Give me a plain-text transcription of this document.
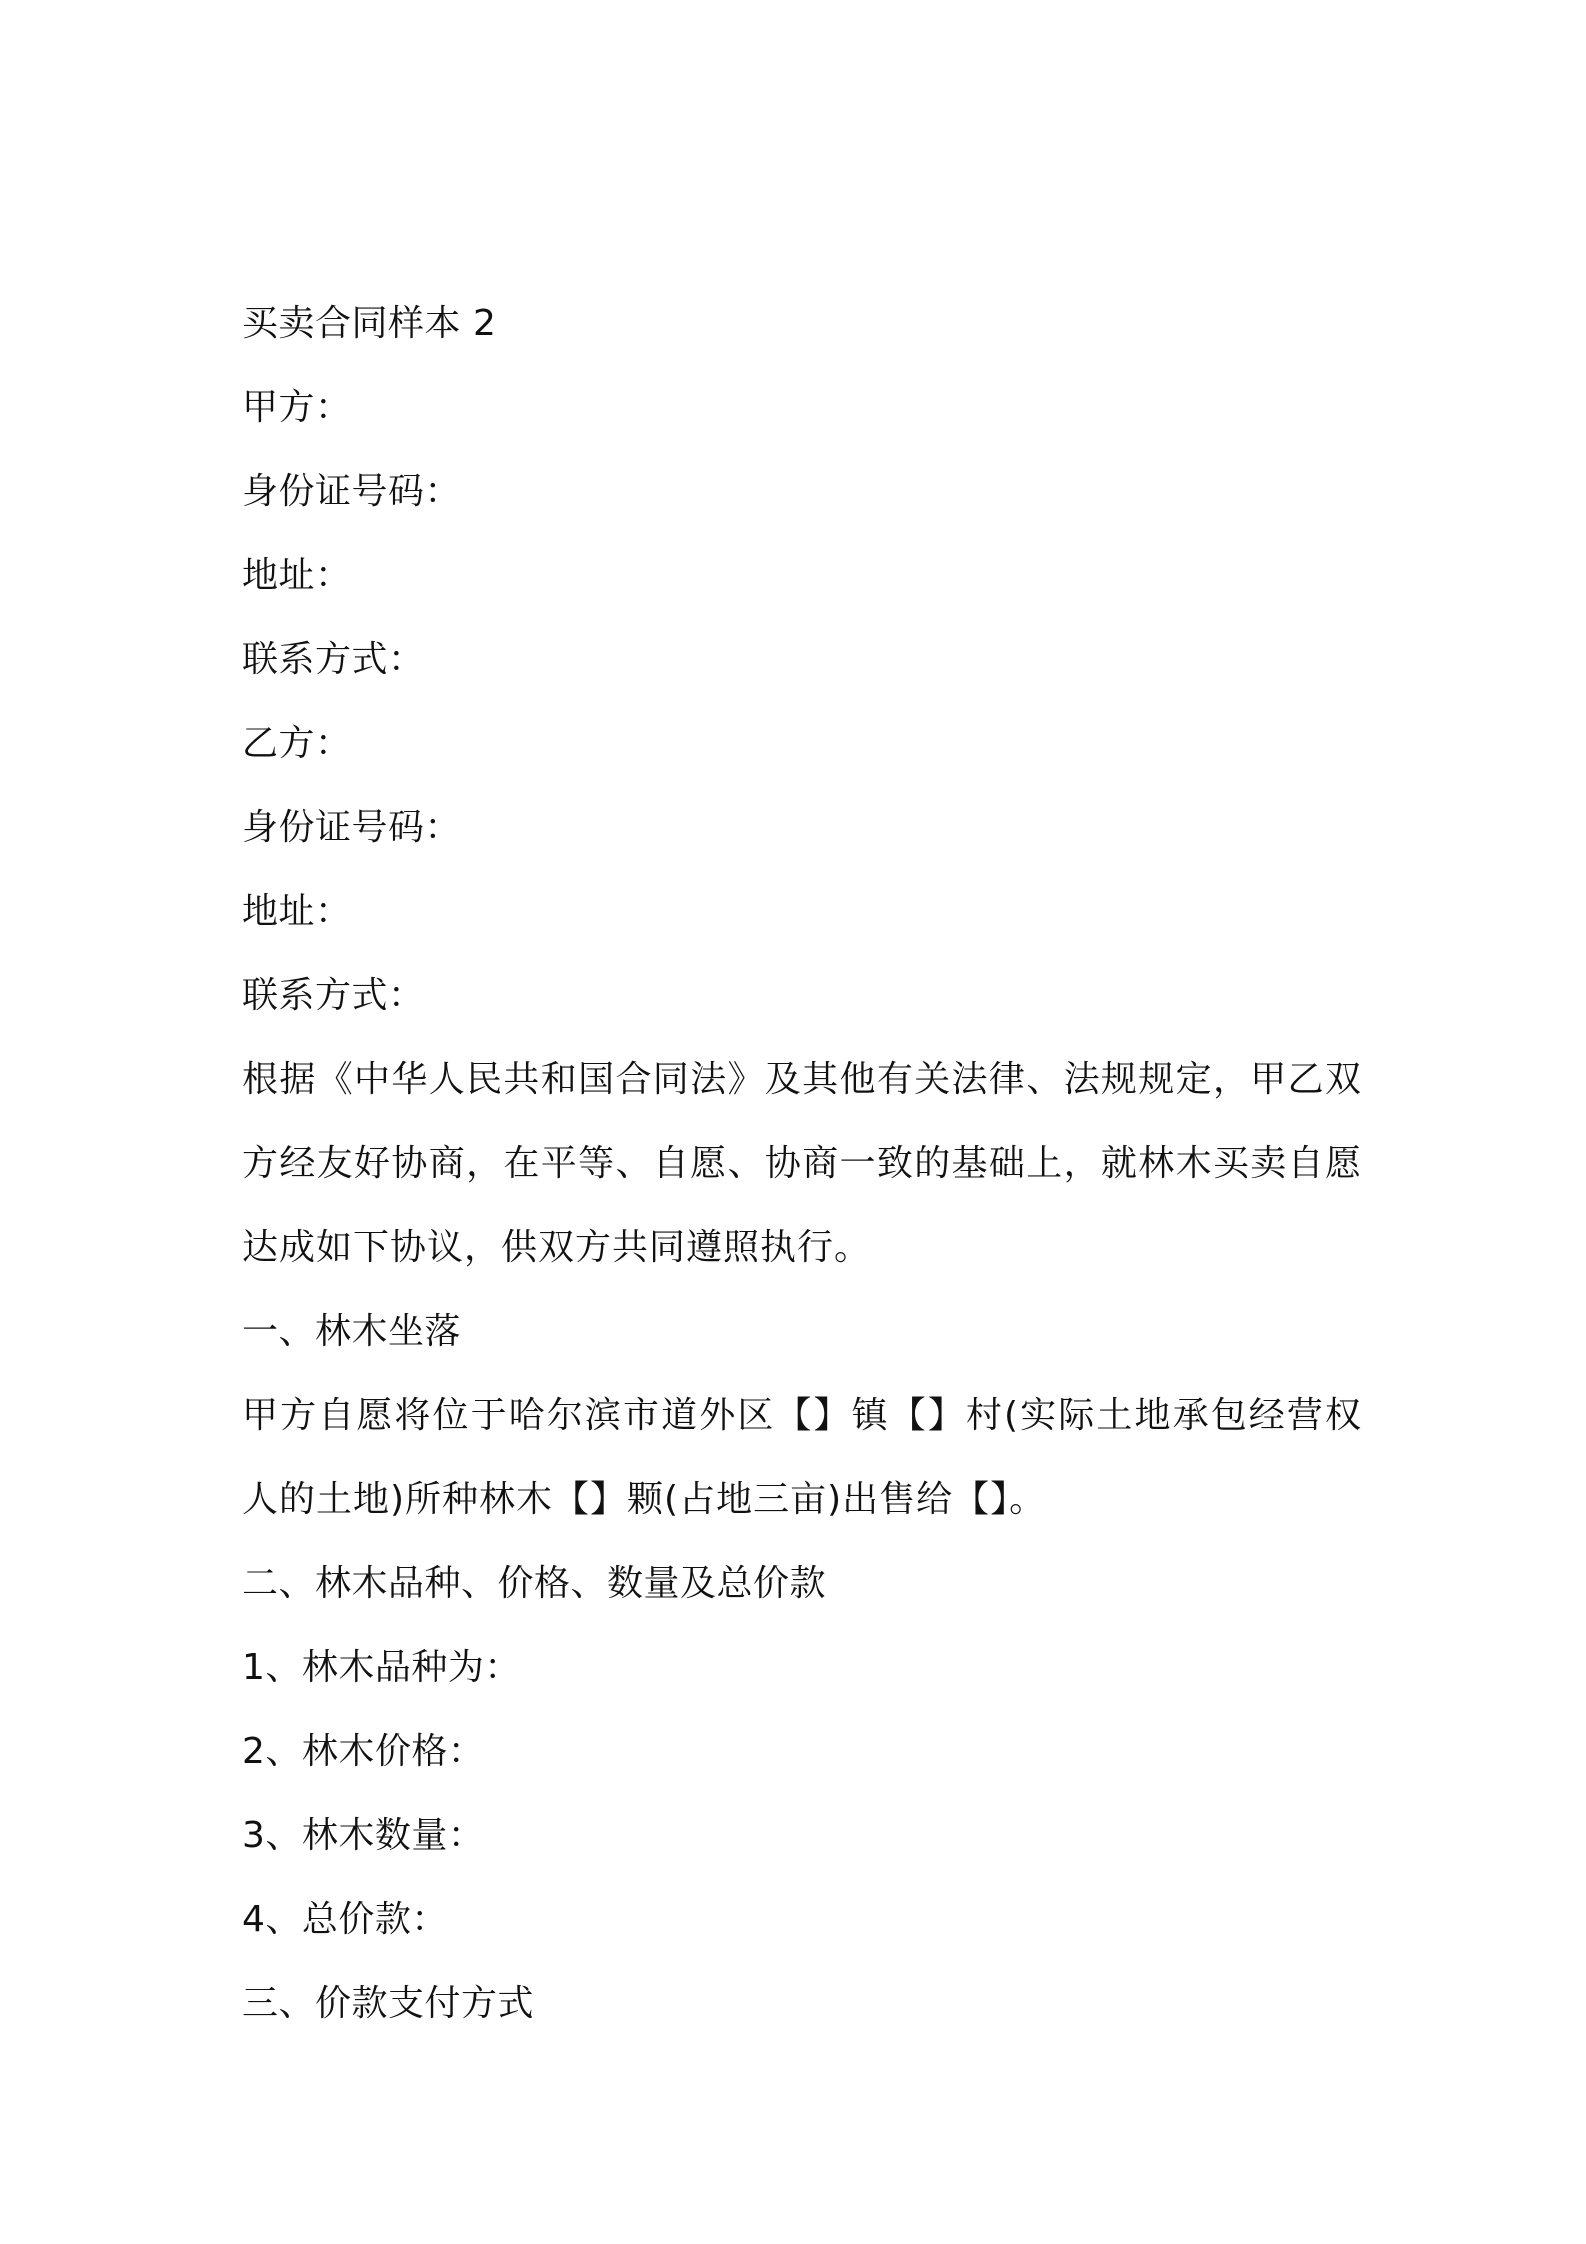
买卖合同样本 2
甲方：
身份证号码：
地址：
联系方式：
乙方：
身份证号码：
地址：
联系方式：
根据《中华人民共和国合同法》及其他有关法律、法规规定，甲乙双方经友好协商，在平等、自愿、协商一致的基础上，就林木买卖自愿达成如下协议，供双方共同遵照执行。
一、林木坐落
甲方自愿将位于哈尔滨市道外区【】镇【】村(实际土地承包经营权人的土地)所种林木【】颗(占地三亩)出售给【】。
二、林木品种、价格、数量及总价款
1、林木品种为：
2、林木价格：
3、林木数量：
4、总价款：
三、价款支付方式
